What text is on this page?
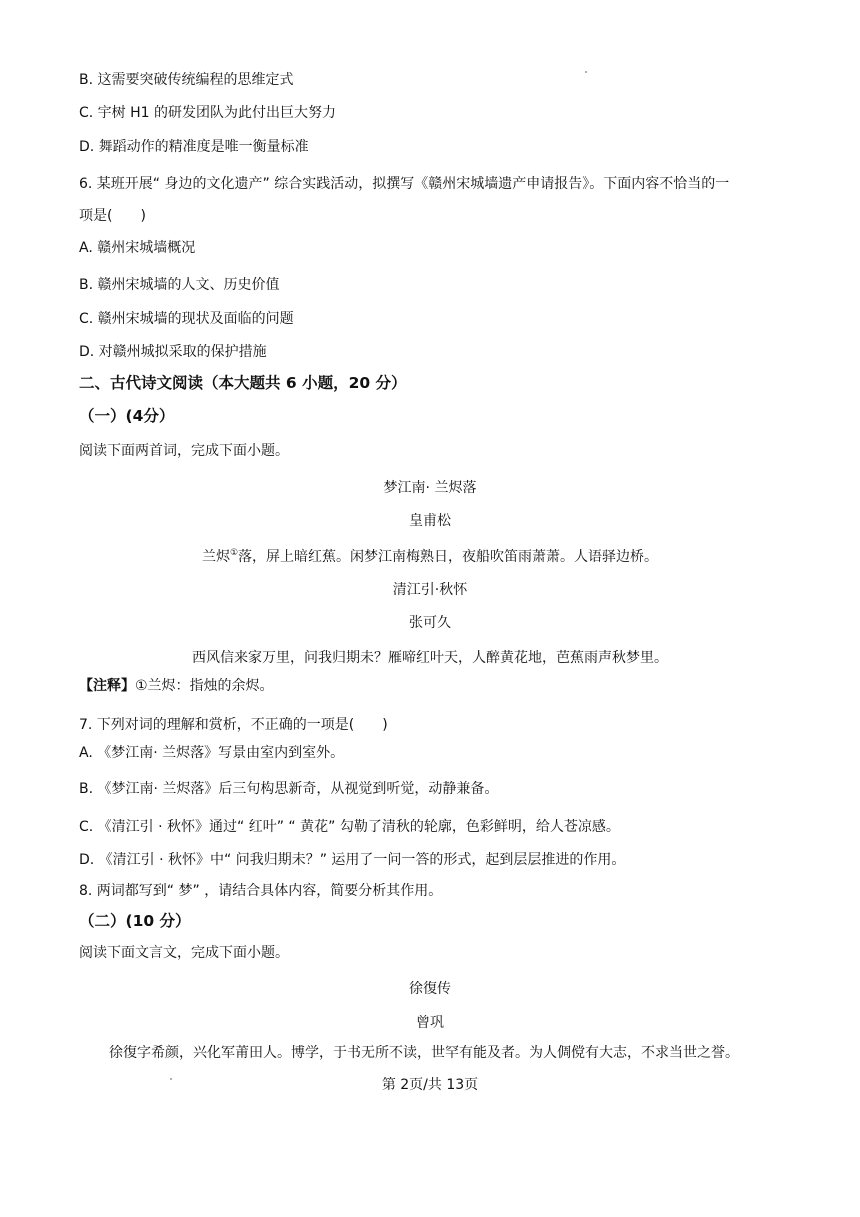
B. 这需要突破传统编程的思维定式
C. 宇树 H1 的研发团队为此付出巨大努力
D. 舞蹈动作的精准度是唯一衡量标准
6. 某班开展“ 身边的文化遗产” 综合实践活动，拟撰写《赣州宋城墙遗产申请报告》。下面内容不恰当的一
项是(　　)
A. 赣州宋城墙概况
B. 赣州宋城墙的人文、历史价值
C. 赣州宋城墙的现状及面临的问题
D. 对赣州城拟采取的保护措施
二、古代诗文阅读（本大题共 6 小题，20 分）
（一）(4分）
阅读下面两首词，完成下面小题。
梦江南· 兰烬落
皇甫松
兰烬①落，屏上暗红蕉。闲梦江南梅熟日，夜船吹笛雨萧萧。人语驿边桥。
清江引·秋怀
张可久
西风信来家万里，问我归期未？雁啼红叶天，人醉黄花地，芭蕉雨声秋梦里。
【注释】①兰烬：指烛的余烬。
7. 下列对词的理解和赏析，不正确的一项是(　　)
A. 《梦江南· 兰烬落》写景由室内到室外。
B. 《梦江南· 兰烬落》后三句构思新奇，从视觉到听觉，动静兼备。
C. 《清江引 · 秋怀》通过“ 红叶” “ 黄花” 勾勒了清秋的轮廓，色彩鲜明，给人苍凉感。
D. 《清江引 · 秋怀》中“ 问我归期未？” 运用了一问一答的形式，起到层层推进的作用。
8. 两词都写到“ 梦” ，请结合具体内容，简要分析其作用。
（二）(10 分）
阅读下面文言文，完成下面小题。
徐復传
曾巩
徐復字希颜，兴化军莆田人。博学，于书无所不读，世罕有能及者。为人倜傥有大志，不求当世之誉。
第 2页/共 13页
